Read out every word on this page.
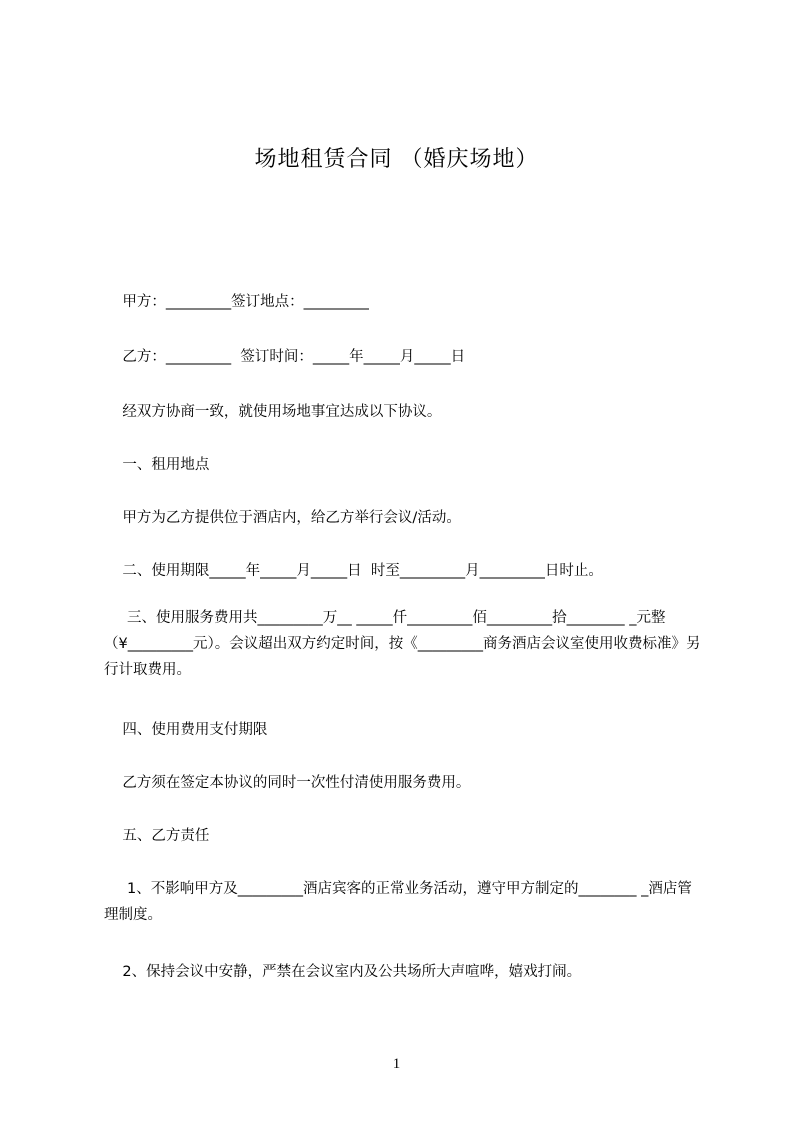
场地租赁合同 （婚庆场地）
甲方：_________签订地点：_________
乙方：_________  签订时间：_____年_____月_____日
经双方协商一致，就使用场地事宜达成以下协议。
一、租用地点
甲方为乙方提供位于酒店内，给乙方举行会议/活动。
二、使用期限_____年_____月_____日  时至_________月_________日时止。
三、使用服务费用共_________万__ _____仟_________佰_________拾________ _元整（¥_________元）。会议超出双方约定时间，按《_________商务酒店会议室使用收费标准》另行计取费用。
四、使用费用支付期限
乙方须在签定本协议的同时一次性付清使用服务费用。
五、乙方责任
1、不影响甲方及_________酒店宾客的正常业务活动，遵守甲方制定的________ _酒店管理制度。
2、保持会议中安静，严禁在会议室内及公共场所大声喧哗，嬉戏打闹。
1
